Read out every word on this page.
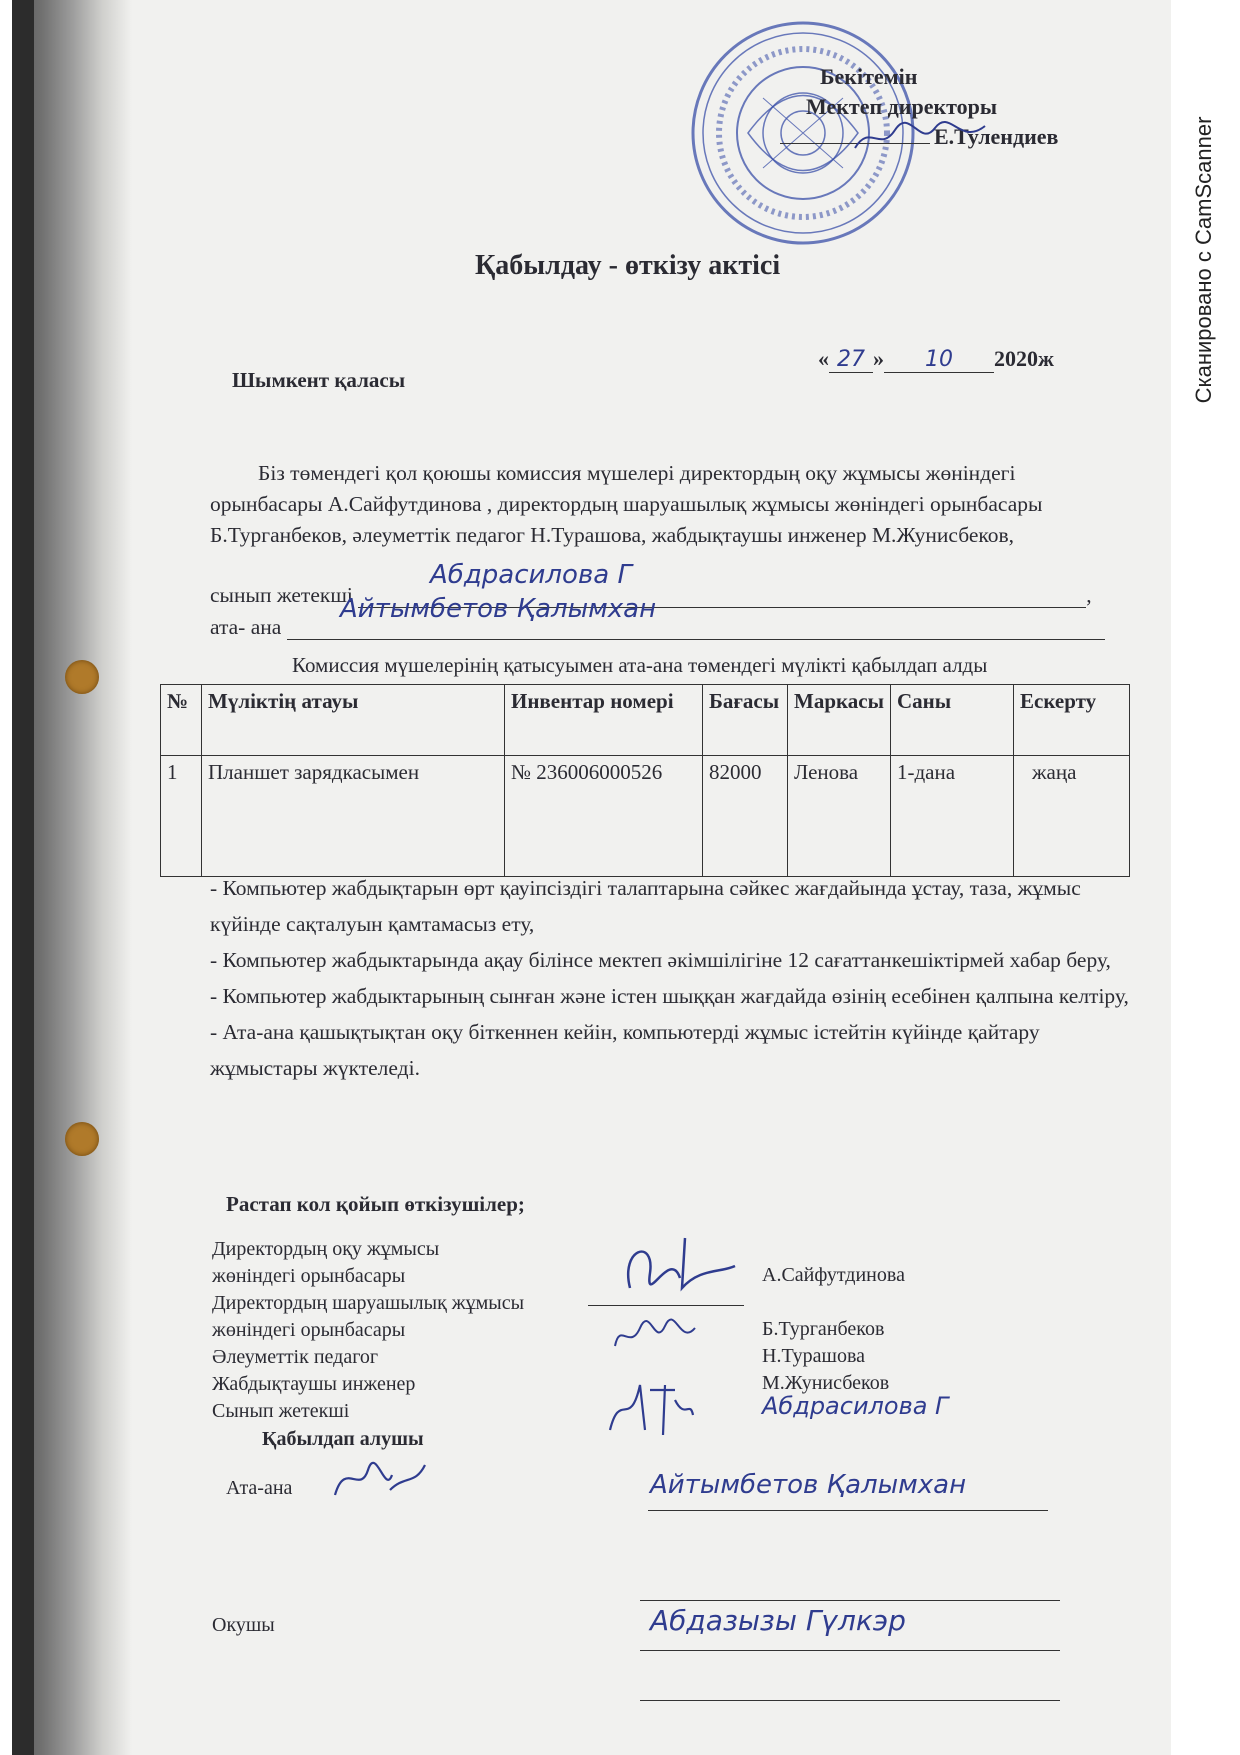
Сканировано с CamScanner
Бекітемін
Мектеп директоры
Е.Тулендиев
Қабылдау - өткізу актісі
Шымкент қаласы
« 27 » 10 2020ж
Біз төмендегі қол қоюшы комиссия мүшелері директордың оқу жұмысы жөніндегі орынбасары А.Сайфутдинова , директордың шаруашылық жұмысы жөніндегі орынбасары Б.Турганбеков, әлеуметтік педагог Н.Турашова, жабдықтаушы инженер М.Жунисбеков,
сынып жетекші	,
Абдрасилова Г
ата- ана
Айтымбетов Қалымхан
Комиссия мүшелерінің қатысуымен ата-ана төмендегі мүлікті қабылдап алды
№	Мүліктің атауы	Инвентар номері	Бағасы	Маркасы	Саны	Ескерту
1	Планшет зарядкасымен	№ 236006000526	82000	Ленова	1-дана	жаңа

- Компьютер жабдықтарын өрт қауіпсіздігі талаптарына сәйкес жағдайында ұстау, таза, жұмыс күйінде сақталуын қамтамасыз ету,

- Компьютер жабдыктарында ақау білінсе мектеп әкімшілігіне 12 сағаттанкешіктірмей хабар беру,

- Компьютер жабдыктарының сынған және істен шыққан жағдайда өзінің есебінен қалпына келтіру,

- Ата-ана қашықтықтан оқу біткеннен кейін, компьютерді жұмыс істейтін күйінде қайтару жұмыстары жүктеледі.

Растап кол қойып өткізушілер;
Директордың оқу жұмысы
жөніндегі орынбасары
Директордың шаруашылық жұмысы
жөніндегі орынбасары
Әлеуметтік педагог
Жабдықтаушы инженер
Сынып жетекші
А.Сайфутдинова
Б.Турганбеков
Н.Турашова
М.Жунисбеков
Абдрасилова Г
Қабылдап алушы
Ата-ана	Айтымбетов Қалымхан
Окушы	Абдазызы Гүлкэр
